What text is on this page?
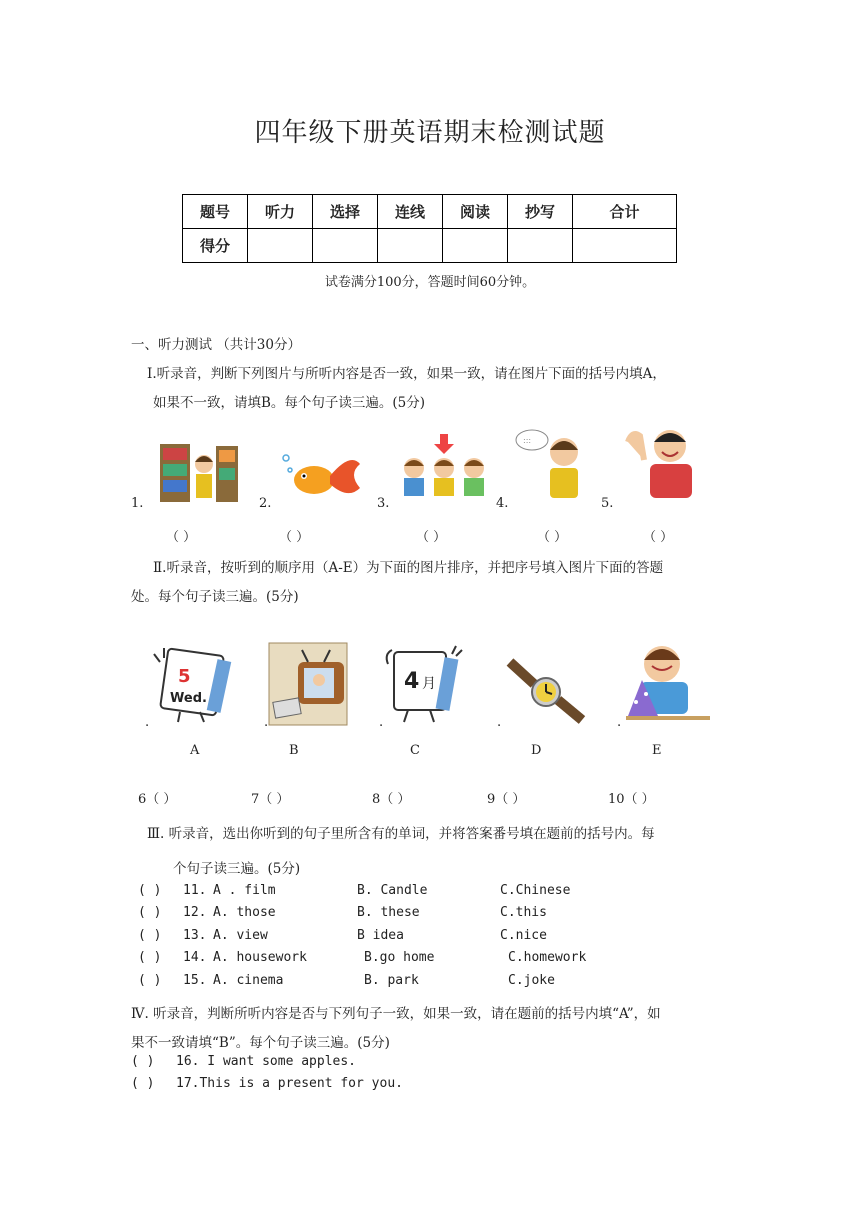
四年级下册英语期末检测试题
题号	听力	选择	连线	阅读	抄写	合计
得分						
试卷满分100分，答题时间60分钟。
一、听力测试 （共计30分）
Ⅰ.听录音，判断下列图片与所听内容是否一致，如果一致，请在图片下面的括号内填A，
如果不一致，请填B。每个句子读三遍。(5分)
:::
1.	2.	3.	4.	5.
（ ）	（ ）	（ ）	（ ）	（ ）
Ⅱ.听录音，按听到的顺序用（A-E）为下面的图片排序，并把序号填入图片下面的答题
处。每个句子读三遍。(5分)
5
Wed.
4 月
.	.	.	.	.
A	B	C	D	E
6（ ）	7（ ）	8（ ）	9（ ）	10（ ）
Ⅲ. 听录音，选出你听到的句子里所含有的单词，并将答案番号填在题前的括号内。每
个句子读三遍。(5分)
( ) 11. A . film	B. Candle	C.Chinese
( ) 12. A. those	B. these	C.this
( ) 13. A. view	B idea	C.nice
( ) 14. A. housework	B.go home	C.homework
( ) 15. A. cinema	B. park	C.joke
Ⅳ. 听录音，判断所听内容是否与下列句子一致，如果一致，请在题前的括号内填“A”，如
果不一致请填“B”。每个句子读三遍。(5分)
( ) 16. I want some apples.
( ) 17.This is a present for you.
